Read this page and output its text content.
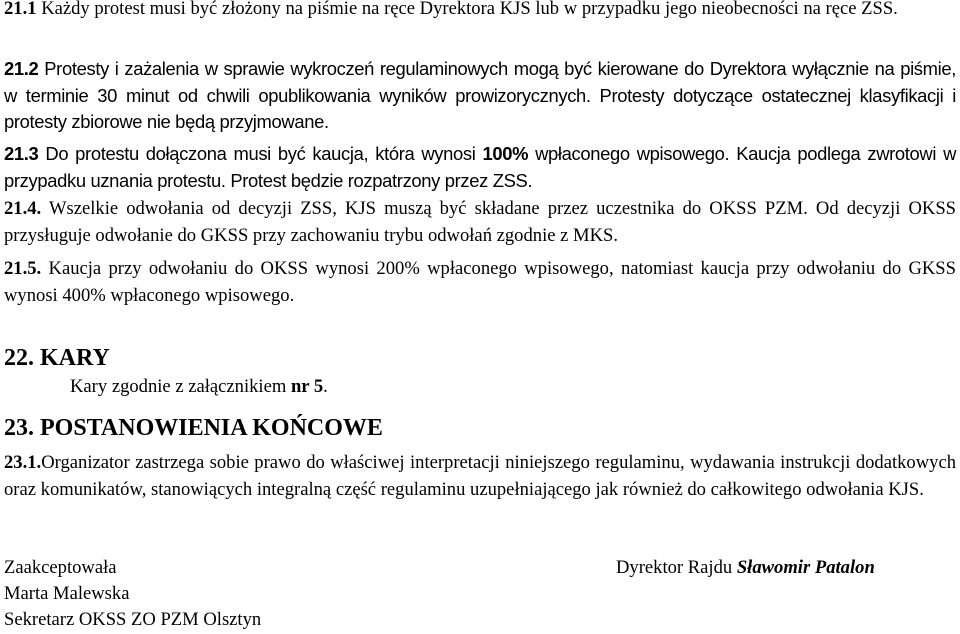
21.1 Każdy protest musi być złożony na piśmie na ręce Dyrektora KJS lub w przypadku jego nieobecności na ręce ZSS.

21.2 Protesty i zażalenia w sprawie wykroczeń regulaminowych mogą być kierowane do Dyrektora wyłącznie na piśmie, w terminie 30 minut od chwili opublikowania wyników prowizorycznych. Protesty dotyczące ostatecznej klasyfikacji i protesty zbiorowe nie będą przyjmowane.

21.3 Do protestu dołączona musi być kaucja, która wynosi 100% wpłaconego wpisowego. Kaucja podlega zwrotowi w przypadku uznania protestu. Protest będzie rozpatrzony przez ZSS.

21.4. Wszelkie odwołania od decyzji ZSS, KJS muszą być składane przez uczestnika do OKSS PZM. Od decyzji OKSS przysługuje odwołanie do GKSS przy zachowaniu trybu odwołań zgodnie z MKS.

21.5. Kaucja przy odwołaniu do OKSS wynosi 200% wpłaconego wpisowego, natomiast kaucja przy odwołaniu do GKSS wynosi 400% wpłaconego wpisowego.

22. KARY
Kary zgodnie z załącznikiem nr 5.
23. POSTANOWIENIA KOŃCOWE

23.1.Organizator zastrzega sobie prawo do właściwej interpretacji niniejszego regulaminu, wydawania instrukcji dodatkowych oraz komunikatów, stanowiących integralną część regulaminu uzupełniającego jak również do całkowitego odwołania KJS.

Zaakceptowała
Marta Malewska
Sekretarz OKSS ZO PZM Olsztyn
Dyrektor Rajdu Sławomir Patalon
